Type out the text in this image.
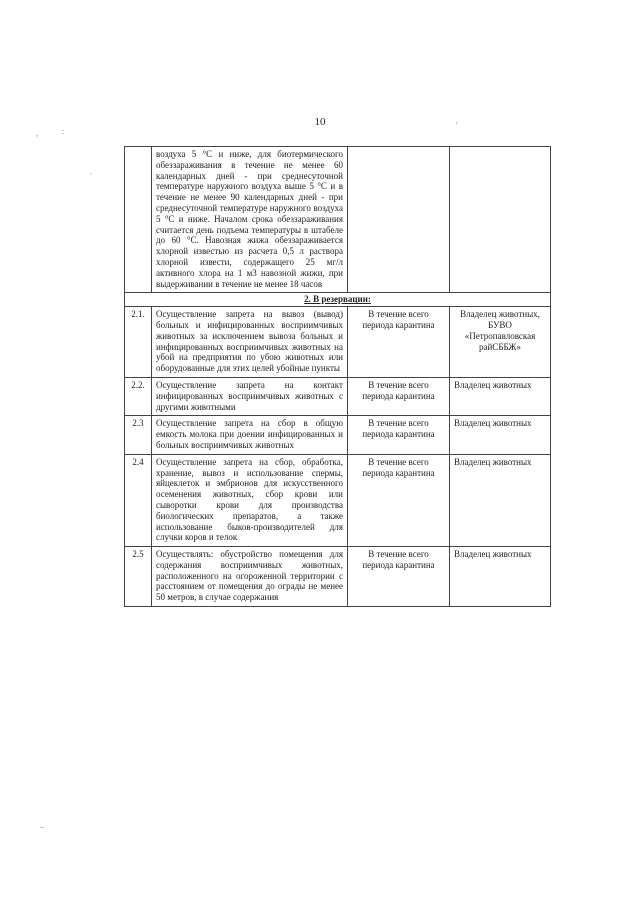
10
,	:
.
'
..
	воздуха 5 °С и ниже, для биотермического обеззараживания в течение не менее 60 календарных дней - при среднесуточной температуре наружного воздуха выше 5 °С и в течение не менее 90 календарных дней - при среднесуточной температуре наружного воздуха 5 °С и ниже. Началом срока обеззараживания считается день подъема температуры в штабеле до 60 °С. Навозная жижа обеззараживается хлорной известью из расчета 0,5 л раствора хлорной извести, содержащего 25 мг/л активного хлора на 1 м3 навозной жижи, при выдерживании в течение не менее 18 часов		
2. В резервации:			
2.1.	Осуществление запрета на вывоз (вывод) больных и инфицированных восприимчивых животных за исключением вывоза больных и инфицированных восприимчивых животных на убой на предприятия по убою животных или оборудованные для этих целей убойные пункты	В течение всего периода карантина	Владелец животных, БУВО «Петропавловская райСББЖ»
2.2.	Осуществление запрета на контакт инфицированных восприимчивых животных с другими животными	В течение всего периода карантина	Владелец животных
2.3	Осуществление запрета на сбор в общую емкость молока при доении инфицированных и больных восприимчивых животных	В течение всего периода карантина	Владелец животных
2.4	Осуществление запрета на сбор, обработка, хранение, вывоз и использование спермы, яйцеклеток и эмбрионов для искусственного осеменения животных, сбор крови или сыворотки крови для производства биологических препаратов, а также использование быков-производителей для случки коров и телок	В течение всего периода карантина	Владелец животных
2.5	Осуществлять: обустройство помещения для содержания восприимчивых животных, расположенного на огороженной территории с расстоянием от помещения до ограды не менее 50 метров, в случае содержания	В течение всего периода карантина	Владелец животных
